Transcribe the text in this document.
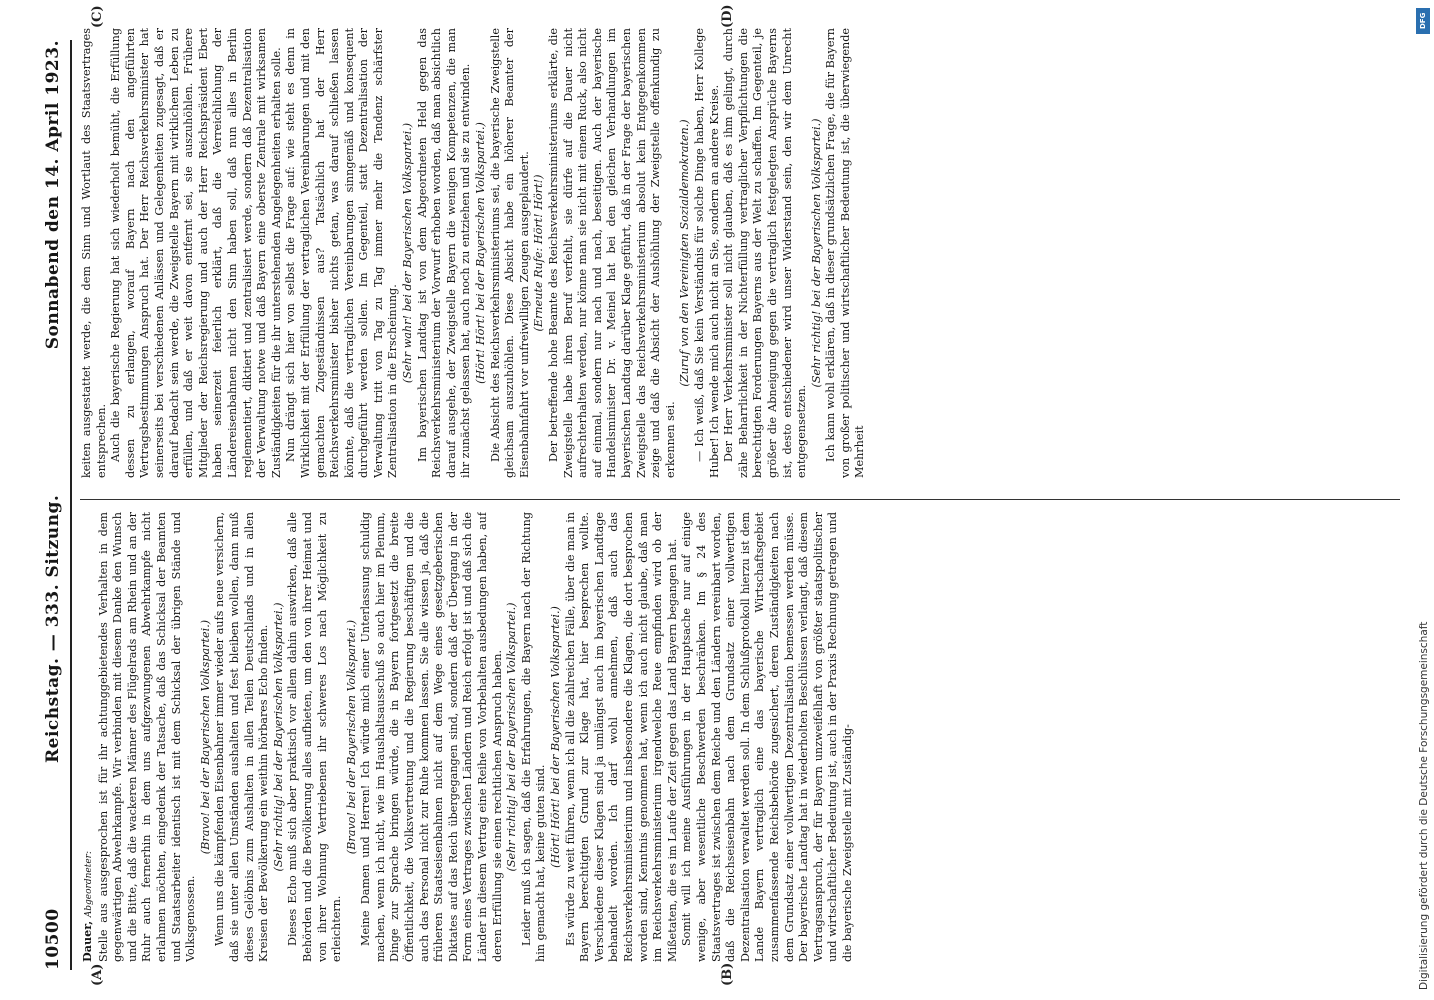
10500
Reichstag. — 333. Sitzung.
Sonnabend den 14. April 1923.
(A)	(B)
(C)	(D)

Dauer, Abgeordneter: Stelle aus ausgesprochen ist für ihr achtunggebietendes Verhalten in dem gegenwärtigen Abwehrkampfe. Wir verbinden mit diesem Danke den Wunsch und die Bitte, daß die wackeren Männer des Flügelrads am Rhein und an der Ruhr auch fernerhin in dem uns aufgezwungenen Abwehrkampfe nicht erlahmen möchten, eingedenk der Tatsache, daß das Schicksal der Beamten und Staatsarbeiter identisch ist mit dem Schicksal der übrigen Stände und Volksgenossen.

(Bravo! bei der Bayerischen Volkspartei.) Wenn uns die kämpfenden Eisenbahner immer wieder aufs neue versichern, daß sie unter allen Umständen aushalten und fest bleiben wollen, dann muß dieses Gelöbnis zum Aushalten in allen Teilen Deutschlands und in allen Kreisen der Bevölkerung ein weithin hörbares Echo finden. (Sehr richtig! bei der Bayerischen Volkspartei.) Dieses Echo muß sich aber praktisch vor allem dahin auswirken, daß alle Behörden und die Bevölkerung alles aufbieten, um den von ihrer Heimat und von ihrer Wohnung Vertriebenen ihr schweres Los nach Möglichkeit zu erleichtern.

(Bravo! bei der Bayerischen Volkspartei.) Meine Damen und Herren! Ich würde mich einer Unterlassung schuldig machen, wenn ich nicht, wie im Haushaltsausschuß so auch hier im Plenum, Dinge zur Sprache bringen würde, die in Bayern fortgesetzt die breite Öffentlichkeit, die Volksvertretung und die Regierung beschäftigen und die auch das Personal nicht zur Ruhe kommen lassen. Sie alle wissen ja, daß die früheren Staatseisenbahnen nicht auf dem Wege eines gesetzgeberischen Diktates auf das Reich übergegangen sind, sondern daß der Übergang in der Form eines Vertrages zwischen Ländern und Reich erfolgt ist und daß sich die Länder in diesem Vertrag eine Reihe von Vorbehalten ausbedungen haben, auf deren Erfüllung sie einen rechtlichen Anspruch haben. (Sehr richtig! bei der Bayerischen Volkspartei.) Leider muß ich sagen, daß die Erfahrungen, die Bayern nach der Richtung hin gemacht hat, keine guten sind. (Hört! Hört! bei der Bayerischen Volkspartei.) Es würde zu weit führen, wenn ich all die zahlreichen Fälle, über die man in Bayern berechtigten Grund zur Klage hat, hier besprechen wollte. Verschiedene dieser Klagen sind ja umlängst auch im bayerischen Landtage behandelt worden. Ich darf wohl annehmen, daß auch das Reichsverkehrsministerium und insbesondere die Klagen, die dort besprochen worden sind, Kenntnis genommen hat, wenn ich auch nicht glaube, daß man im Reichsverkehrsministerium irgendwelche Reue empfinden wird ob der Mißetaten, die es im Laufe der Zeit gegen das Land Bayern begangen hat. Somit will ich meine Ausführungen in der Hauptsache nur auf einige wenige, aber wesentliche Beschwerden beschränken. Im § 24 des Staatsvertrages ist zwischen dem Reiche und den Ländern vereinbart worden, daß die Reichseisenbahn nach dem Grundsatz einer vollwertigen Dezentralisation verwaltet werden soll. In dem Schlußprotokoll hierzu ist dem Lande Bayern vertraglich eine das bayerische Wirtschaftsgebiet zusammenfassende Reichsbehörde zugesichert, deren Zuständigkeiten nach dem Grundsatz einer vollwertigen Dezentralisation bemessen werden müsse. Der bayerische Landtag hat in wiederholten Beschlüssen verlangt, daß diesem Vertragsanspruch, der für Bayern unzweifelhaft von größter staatspolitischer und wirtschaftlicher Bedeutung ist, auch in der Praxis Rechnung getragen und die bayerische Zweigstelle mit Zuständig-

keiten ausgestattet werde, die dem Sinn und Wortlaut des Staatsvertrages entsprechen. Auch die bayerische Regierung hat sich wiederholt bemüht, die Erfüllung dessen zu erlangen, worauf Bayern nach den angeführten Vertragsbestimmungen Anspruch hat. Der Herr Reichsverkehrsminister hat seinerseits bei verschiedenen Anlässen und Gelegenheiten zugesagt, daß er darauf bedacht sein werde, die Zweigstelle Bayern mit wirklichem Leben zu erfüllen, und daß er weit davon entfernt sei, sie auszuhöhlen. Frühere Mitglieder der Reichsregierung und auch der Herr Reichspräsident Ebert haben seinerzeit feierlich erklärt, daß die Verreichlichung der Ländereisenbahnen nicht den Sinn haben soll, daß nun alles in Berlin reglementiert, diktiert und zentralisiert werde, sondern daß Dezentralisation der Verwaltung notwe und daß Bayern eine oberste Zentrale mit wirksamen Zuständigkeiten für die ihr unterstehenden Angelegenheiten erhalten solle. Nun drängt sich hier von selbst die Frage auf: wie steht es denn in Wirklichkeit mit der Erfüllung der vertraglichen Vereinbarungen und mit den gemachten Zugeständnissen aus? Tatsächlich hat der Herr Reichsverkehrsminister bisher nichts getan, was darauf schließen lassen könnte, daß die vertraglichen Vereinbarungen sinngemäß und konsequent durchgeführt werden sollen. Im Gegenteil, statt Dezentralisation der Verwaltung tritt von Tag zu Tag immer mehr die Tendenz schärfster Zentralisation in die Erscheinung. (Sehr wahr! bei der Bayerischen Volkspartei.) Im bayerischen Landtag ist von dem Abgeordneten Held gegen das Reichsverkehrsministerium der Vorwurf erhoben worden, daß man absichtlich darauf ausgehe, der Zweigstelle Bayern die wenigen Kompetenzen, die man ihr zunächst gelassen hat, auch noch zu entziehen und sie zu entwinden. (Hört! Hört! bei der Bayerischen Volkspartei.) Die Absicht des Reichsverkehrsministeriums sei, die bayerische Zweigstelle gleichsam auszuhöhlen. Diese Absicht habe ein höherer Beamter der Eisenbahnfahrt vor unfreiwilligen Zeugen ausgeplaudert. (Erneute Rufe: Hört! Hört!) Der betreffende hohe Beamte des Reichsverkehrsministeriums erklärte, die Zweigstelle habe ihren Beruf verfehlt, sie dürfe auf die Dauer nicht aufrechterhalten werden, nur könne man sie nicht mit einem Ruck, also nicht auf einmal, sondern nur nach und nach, beseitigen. Auch der bayerische Handelsminister Dr. v. Meinel hat bei den gleichen Verhandlungen im bayerischen Landtag darüber Klage geführt, daß in der Frage der bayerischen Zweigstelle das Reichsverkehrsministerium absolut kein Entgegenkommen zeige und daß die Absicht der Aushöhlung der Zweigstelle offenkundig zu erkennen sei.

(Zuruf von den Vereinigten Sozialdemokraten.) — Ich weiß, daß Sie kein Verständnis für solche Dinge haben, Herr Kollege Huber! Ich wende mich auch nicht an Sie, sondern an andere Kreise. Der Herr Verkehrsminister soll nicht glauben, daß es ihm gelingt, durch zähe Beharrlichkeit in der Nichterfüllung vertraglicher Verpflichtungen die berechtigten Forderungen Bayerns aus der Welt zu schaffen. Im Gegenteil, je größer die Abneigung gegen die vertraglich festgelegten Ansprüche Bayerns ist, desto entschiedener wird unser Widerstand sein, den wir dem Unrecht entgegensetzen.

(Sehr richtig! bei der Bayerischen Volkspartei.) Ich kann wohl erklären, daß in dieser grundsätzlichen Frage, die für Bayern von großer politischer und wirtschaftlicher Bedeutung ist, die überwiegende Mehrheit

Digitalisierung gefördert durch die Deutsche Forschungsgemeinschaft
DFG
